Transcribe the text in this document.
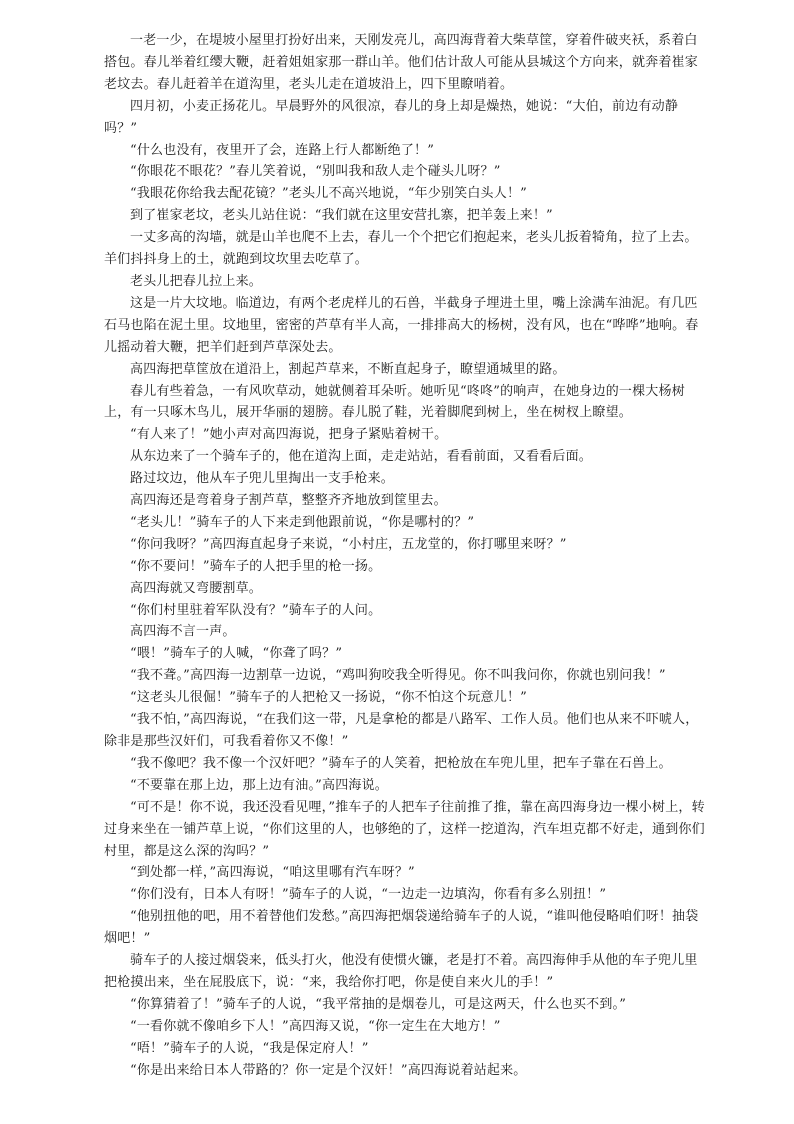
一老一少，在堤坡小屋里打扮好出来，天刚发亮儿，高四海背着大柴草筐，穿着件破夹袄，系着白搭包。春儿举着红缨大鞭，赶着姐姐家那一群山羊。他们估计敌人可能从县城这个方向来，就奔着崔家老坟去。春儿赶着羊在道沟里，老头儿走在道坡沿上，四下里瞭哨着。

四月初，小麦正扬花儿。早晨野外的风很凉，春儿的身上却是燥热，她说：“大伯，前边有动静吗？”

“什么也没有，夜里开了会，连路上行人都断绝了！”

“你眼花不眼花？”春儿笑着说，“别叫我和敌人走个碰头儿呀？”

“我眼花你给我去配花镜？”老头儿不高兴地说，“年少别笑白头人！”

到了崔家老坟，老头儿站住说：“我们就在这里安营扎寨，把羊轰上来！”

一丈多高的沟墙，就是山羊也爬不上去，春儿一个个把它们抱起来，老头儿扳着犄角，拉了上去。羊们抖抖身上的土，就跑到坟坎里去吃草了。

老头儿把春儿拉上来。

这是一片大坟地。临道边，有两个老虎样儿的石兽，半截身子埋进土里，嘴上涂满车油泥。有几匹石马也陷在泥土里。坟地里，密密的芦草有半人高，一排排高大的杨树，没有风，也在“哗哗”地响。春儿摇动着大鞭，把羊们赶到芦草深处去。

高四海把草筐放在道沿上，割起芦草来，不断直起身子，瞭望通城里的路。

春儿有些着急，一有风吹草动，她就侧着耳朵听。她听见“咚咚”的响声，在她身边的一棵大杨树上，有一只啄木鸟儿，展开华丽的翅膀。春儿脱了鞋，光着脚爬到树上，坐在树杈上瞭望。

“有人来了！”她小声对高四海说，把身子紧贴着树干。

从东边来了一个骑车子的，他在道沟上面，走走站站，看看前面，又看看后面。

路过坟边，他从车子兜儿里掏出一支手枪来。

高四海还是弯着身子割芦草，整整齐齐地放到筐里去。

“老头儿！”骑车子的人下来走到他跟前说，“你是哪村的？”

“你问我呀？”高四海直起身子来说，“小村庄，五龙堂的，你打哪里来呀？”

“你不要问！”骑车子的人把手里的枪一扬。

高四海就又弯腰割草。

“你们村里驻着军队没有？”骑车子的人问。

高四海不言一声。

“喂！”骑车子的人喊，“你聋了吗？”

“我不聋。”高四海一边割草一边说，“鸡叫狗咬我全听得见。你不叫我问你，你就也别问我！”

“这老头儿很倔！”骑车子的人把枪又一扬说，“你不怕这个玩意儿！”

“我不怕，”高四海说，“在我们这一带，凡是拿枪的都是八路军、工作人员。他们也从来不吓唬人，除非是那些汉奸们，可我看着你又不像！”

“我不像吧？我不像一个汉奸吧？”骑车子的人笑着，把枪放在车兜儿里，把车子靠在石兽上。

“不要靠在那上边，那上边有油。”高四海说。

“可不是！你不说，我还没看见哩，”推车子的人把车子往前推了推，靠在高四海身边一棵小树上，转过身来坐在一铺芦草上说，“你们这里的人，也够绝的了，这样一挖道沟，汽车坦克都不好走，通到你们村里，都是这么深的沟吗？”

“到处都一样，”高四海说，“咱这里哪有汽车呀？”

“你们没有，日本人有呀！”骑车子的人说，“一边走一边填沟，你看有多么别扭！”

“他别扭他的吧，用不着替他们发愁。”高四海把烟袋递给骑车子的人说，“谁叫他侵略咱们呀！抽袋烟吧！”

骑车子的人接过烟袋来，低头打火，他没有使惯火镰，老是打不着。高四海伸手从他的车子兜儿里把枪摸出来，坐在屁股底下，说：“来，我给你打吧，你是使自来火儿的手！”

“你算猜着了！”骑车子的人说，“我平常抽的是烟卷儿，可是这两天，什么也买不到。”

“一看你就不像咱乡下人！”高四海又说，“你一定生在大地方！”

“唔！”骑车子的人说，“我是保定府人！”

“你是出来给日本人带路的？你一定是个汉奸！”高四海说着站起来。
